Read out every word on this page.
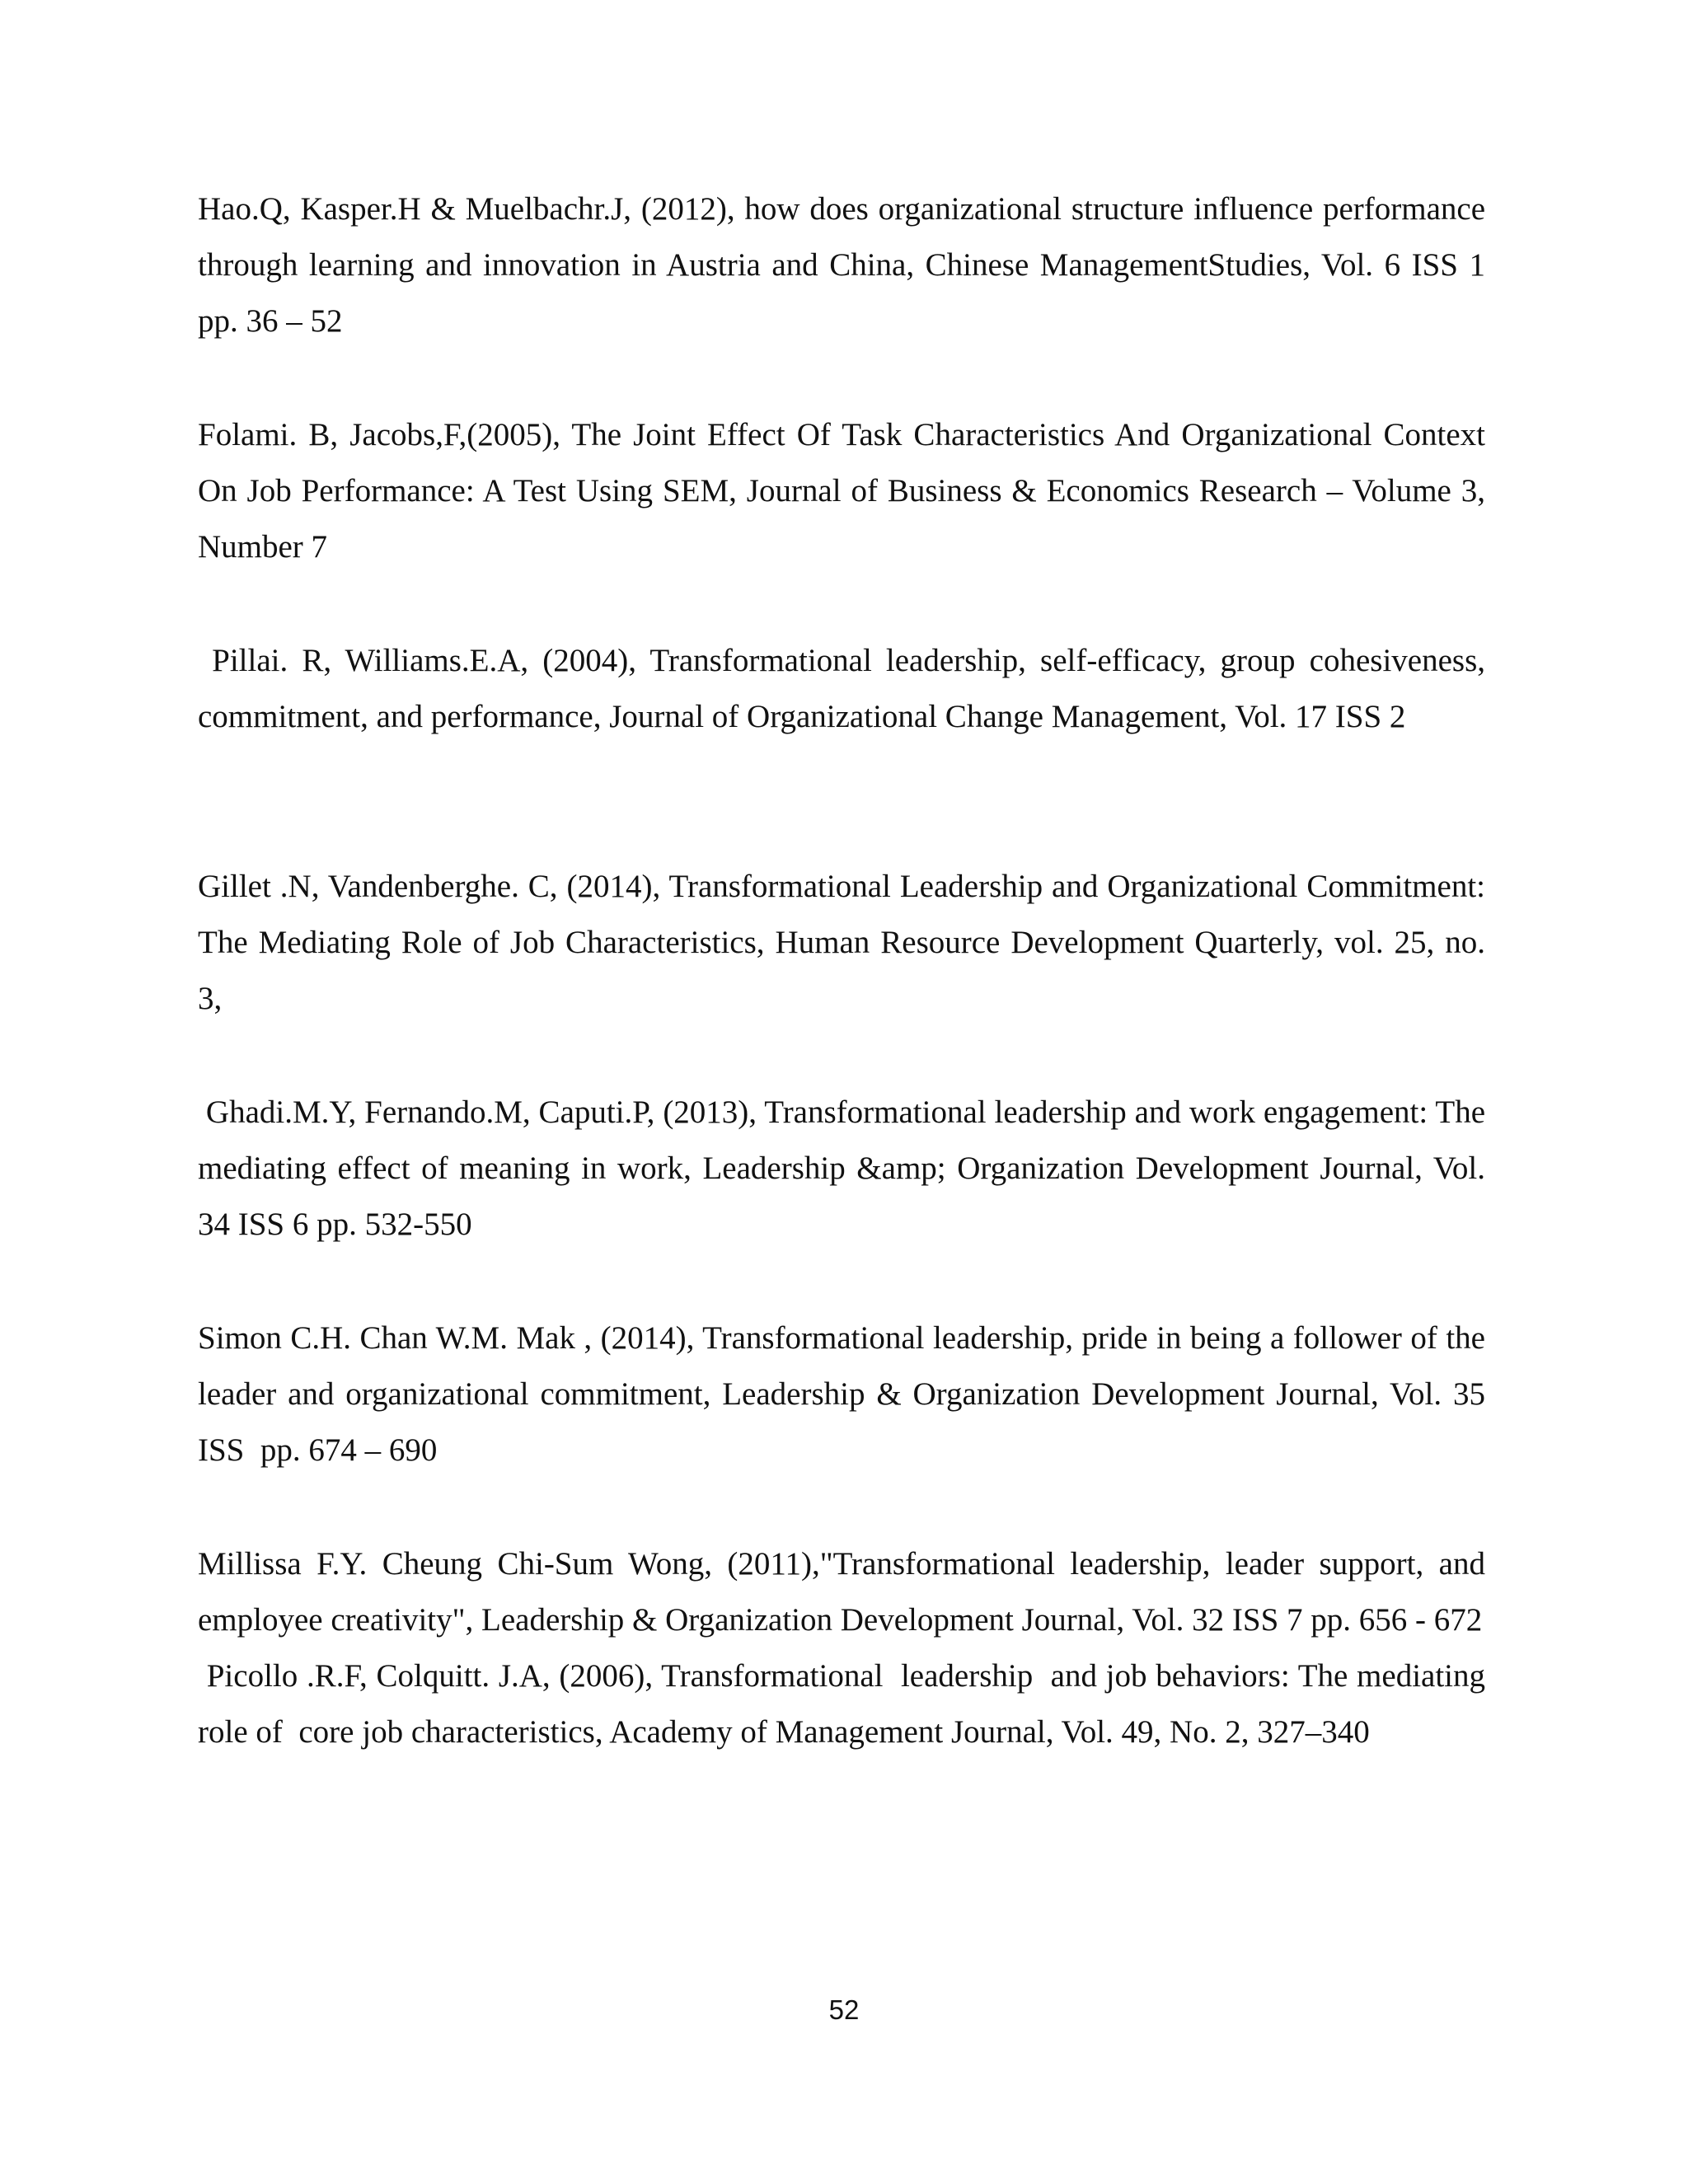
Hao.Q, Kasper.H & Muelbachr.J, (2012), how does organizational structure influence performance through learning and innovation in Austria and China, Chinese ManagementStudies, Vol. 6 ISS 1 pp. 36 – 52

Folami. B, Jacobs,F,(2005), The Joint Effect Of Task Characteristics And Organizational Context On Job Performance: A Test Using SEM, Journal of Business & Economics Research – Volume 3, Number 7

Pillai. R, Williams.E.A, (2004), Transformational leadership, self-efficacy, group cohesiveness, commitment, and performance, Journal of Organizational Change Management, Vol. 17 ISS 2

Gillet .N, Vandenberghe. C, (2014), Transformational Leadership and Organizational Commitment: The Mediating Role of Job Characteristics, Human Resource Development Quarterly, vol. 25, no. 3,

Ghadi.M.Y, Fernando.M, Caputi.P, (2013), Transformational leadership and work engagement: The mediating effect of meaning in work, Leadership &amp; Organization Development Journal, Vol. 34 ISS 6 pp. 532-550

Simon C.H. Chan W.M. Mak , (2014), Transformational leadership, pride in being a follower of the leader and organizational commitment, Leadership & Organization Development Journal, Vol. 35 ISS  pp. 674 – 690

Millissa F.Y. Cheung Chi-Sum Wong, (2011),"Transformational leadership, leader support, and employee creativity", Leadership & Organization Development Journal, Vol. 32 ISS 7 pp. 656 - 672

Picollo .R.F, Colquitt. J.A, (2006), Transformational  leadership  and job behaviors: The mediating role of  core job characteristics, Academy of Management Journal, Vol. 49, No. 2, 327–340

52
